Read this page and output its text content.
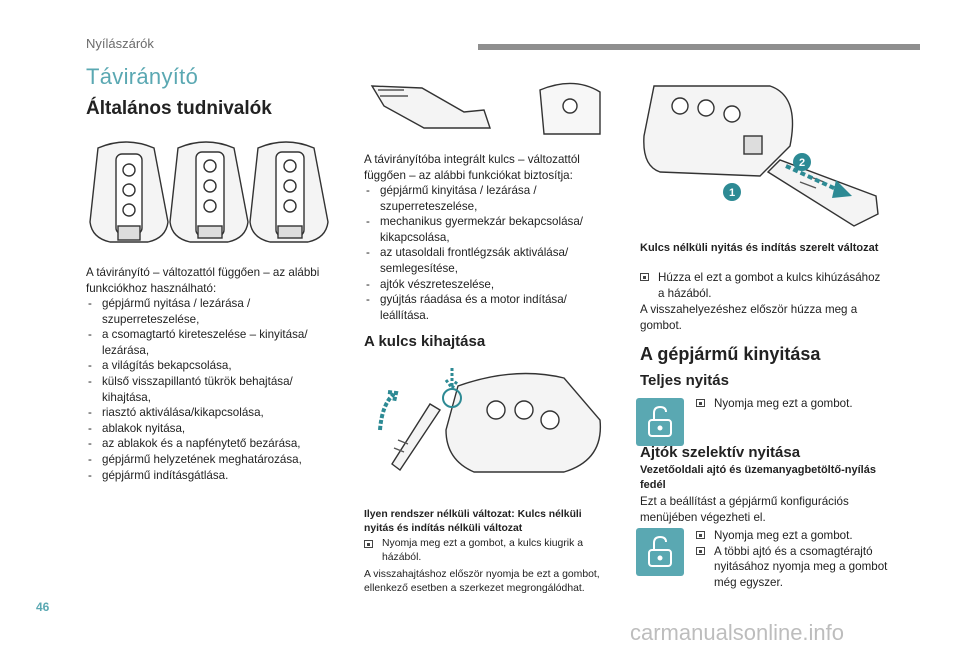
Nyílászárók
Távirányító
Általános tudnivalók
A távirányító – változattól függően – az alábbi funkciókhoz használható:
- gépjármű nyitása / lezárása / szuperreteszelése,
- a csomagtartó kireteszelése – kinyitása/ lezárása,
- a világítás bekapcsolása,
- külső visszapillantó tükrök behajtása/ kihajtása,
- riasztó aktiválása/kikapcsolása,
- ablakok nyitása,
- az ablakok és a napfénytető bezárása,
- gépjármű helyzetének meghatározása,
- gépjármű indításgátlása.
A távirányítóba integrált kulcs – változattól függően – az alábbi funkciókat biztosítja:
- gépjármű kinyitása / lezárása / szuperreteszelése,
- mechanikus gyermekzár bekapcsolása/ kikapcsolása,
- az utasoldali frontlégzsák aktiválása/ semlegesítése,
- ajtók vészreteszelése,
- gyújtás ráadása és a motor indítása/ leállítása.
A kulcs kihajtása
Ilyen rendszer nélküli változat: Kulcs nélküli nyitás és indítás nélküli változat
Nyomja meg ezt a gombot, a kulcs kiugrik a házából.
A visszahajtáshoz először nyomja be ezt a gombot, ellenkező esetben a szerkezet megrongálódhat.
1
2
Kulcs nélküli nyitás és indítás szerelt változat
Húzza el ezt a gombot a kulcs kihúzásához a házából.
A visszahelyezéshez először húzza meg a gombot.
A gépjármű kinyitása
Teljes nyitás
Nyomja meg ezt a gombot.
Ajtók szelektív nyitása
Vezetőoldali ajtó és üzemanyagbetöltő-nyílás fedél
Ezt a beállítást a gépjármű konfigurációs menüjében végezheti el.
Nyomja meg ezt a gombot.
A többi ajtó és a csomagtérajtó nyitásához nyomja meg a gombot még egyszer.
46
carmanualsonline.info
